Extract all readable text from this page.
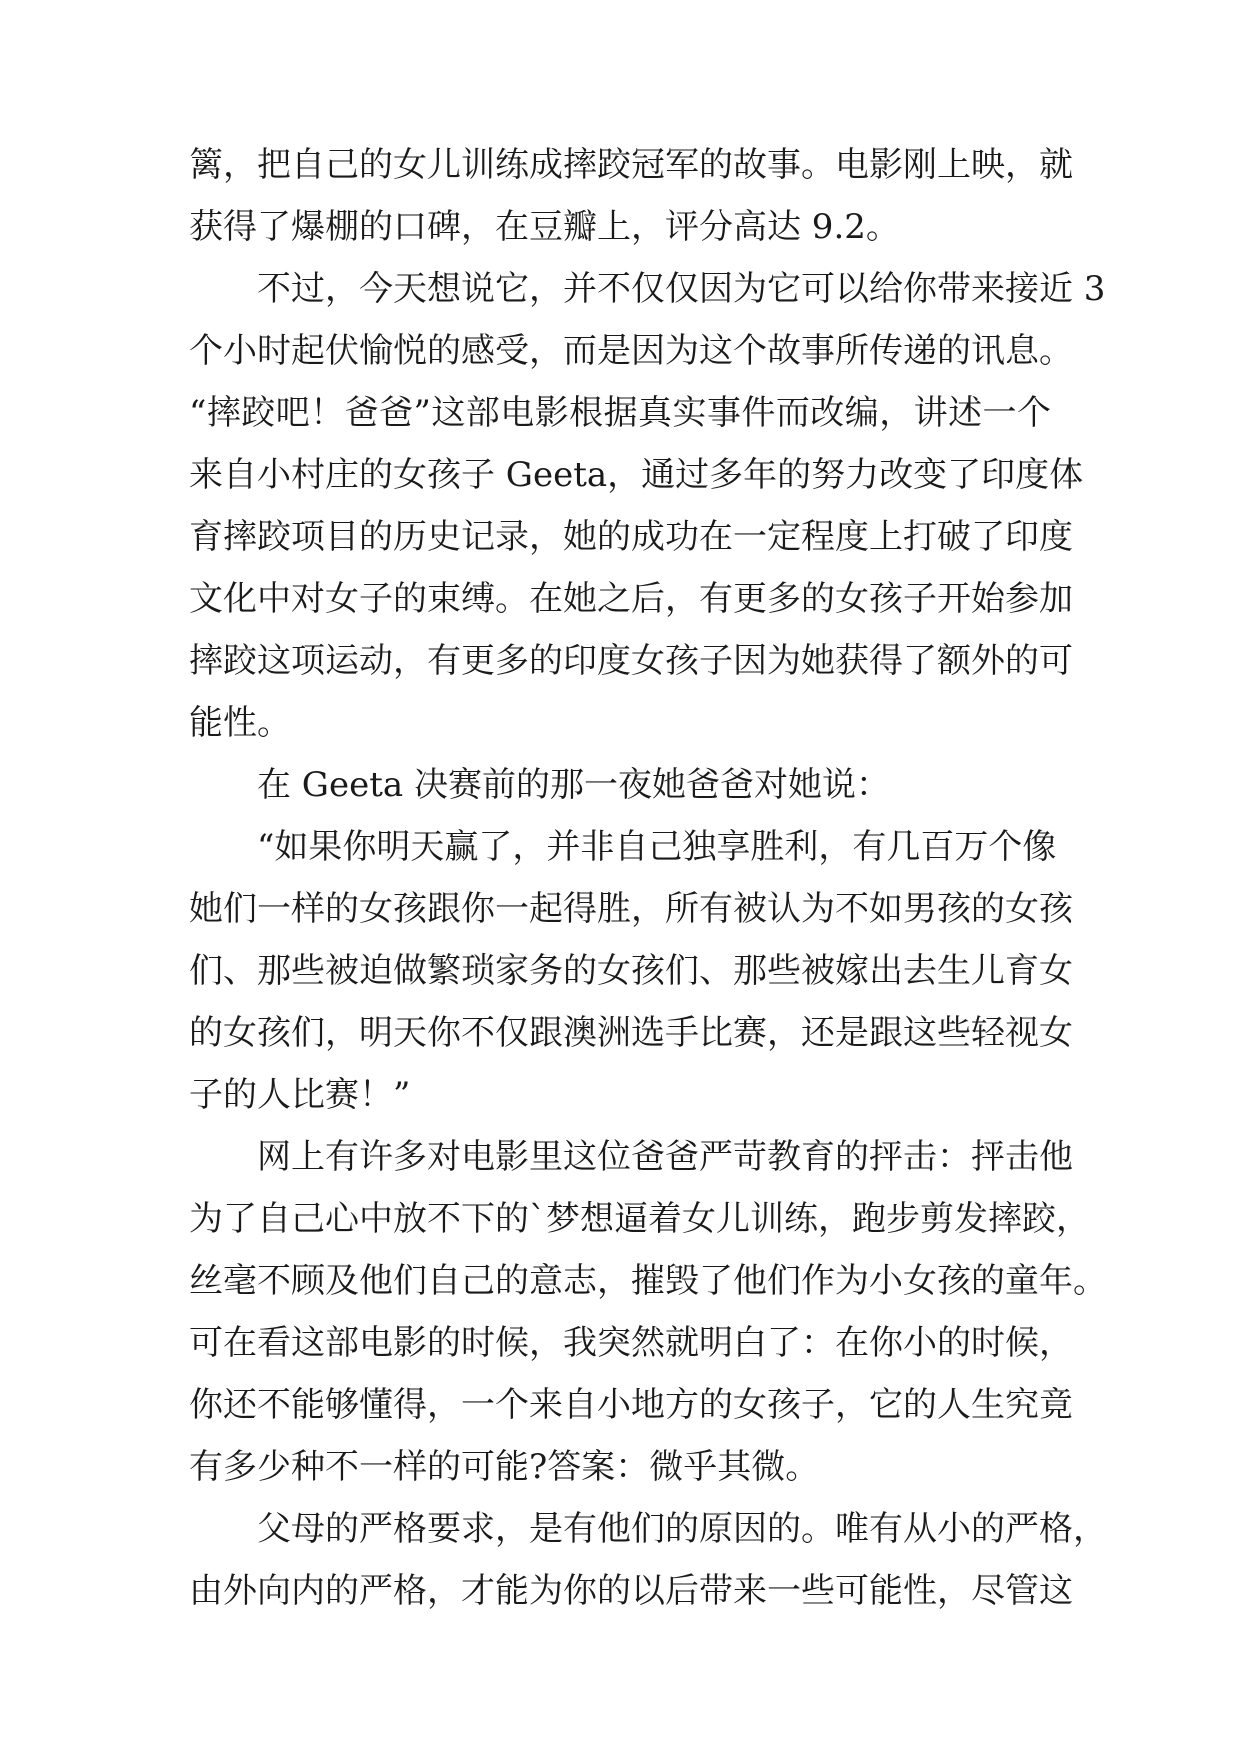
篱，把自己的女儿训练成摔跤冠军的故事。电影刚上映，就
获得了爆棚的口碑，在豆瓣上，评分高达 9.2。
不过，今天想说它，并不仅仅因为它可以给你带来接近 3
个小时起伏愉悦的感受，而是因为这个故事所传递的讯息。
“摔跤吧！爸爸”这部电影根据真实事件而改编，讲述一个
来自小村庄的女孩子 Geeta，通过多年的努力改变了印度体
育摔跤项目的历史记录，她的成功在一定程度上打破了印度
文化中对女子的束缚。在她之后，有更多的女孩子开始参加
摔跤这项运动，有更多的印度女孩子因为她获得了额外的可
能性。
在 Geeta 决赛前的那一夜她爸爸对她说：
“如果你明天赢了，并非自己独享胜利，有几百万个像
她们一样的女孩跟你一起得胜，所有被认为不如男孩的女孩
们、那些被迫做繁琐家务的女孩们、那些被嫁出去生儿育女
的女孩们，明天你不仅跟澳洲选手比赛，还是跟这些轻视女
子的人比赛！”
网上有许多对电影里这位爸爸严苛教育的抨击：抨击他
为了自己心中放不下的`梦想逼着女儿训练，跑步剪发摔跤，
丝毫不顾及他们自己的意志，摧毁了他们作为小女孩的童年。
可在看这部电影的时候，我突然就明白了：在你小的时候，
你还不能够懂得，一个来自小地方的女孩子，它的人生究竟
有多少种不一样的可能?答案：微乎其微。
父母的严格要求，是有他们的原因的。唯有从小的严格，
由外向内的严格，才能为你的以后带来一些可能性，尽管这
